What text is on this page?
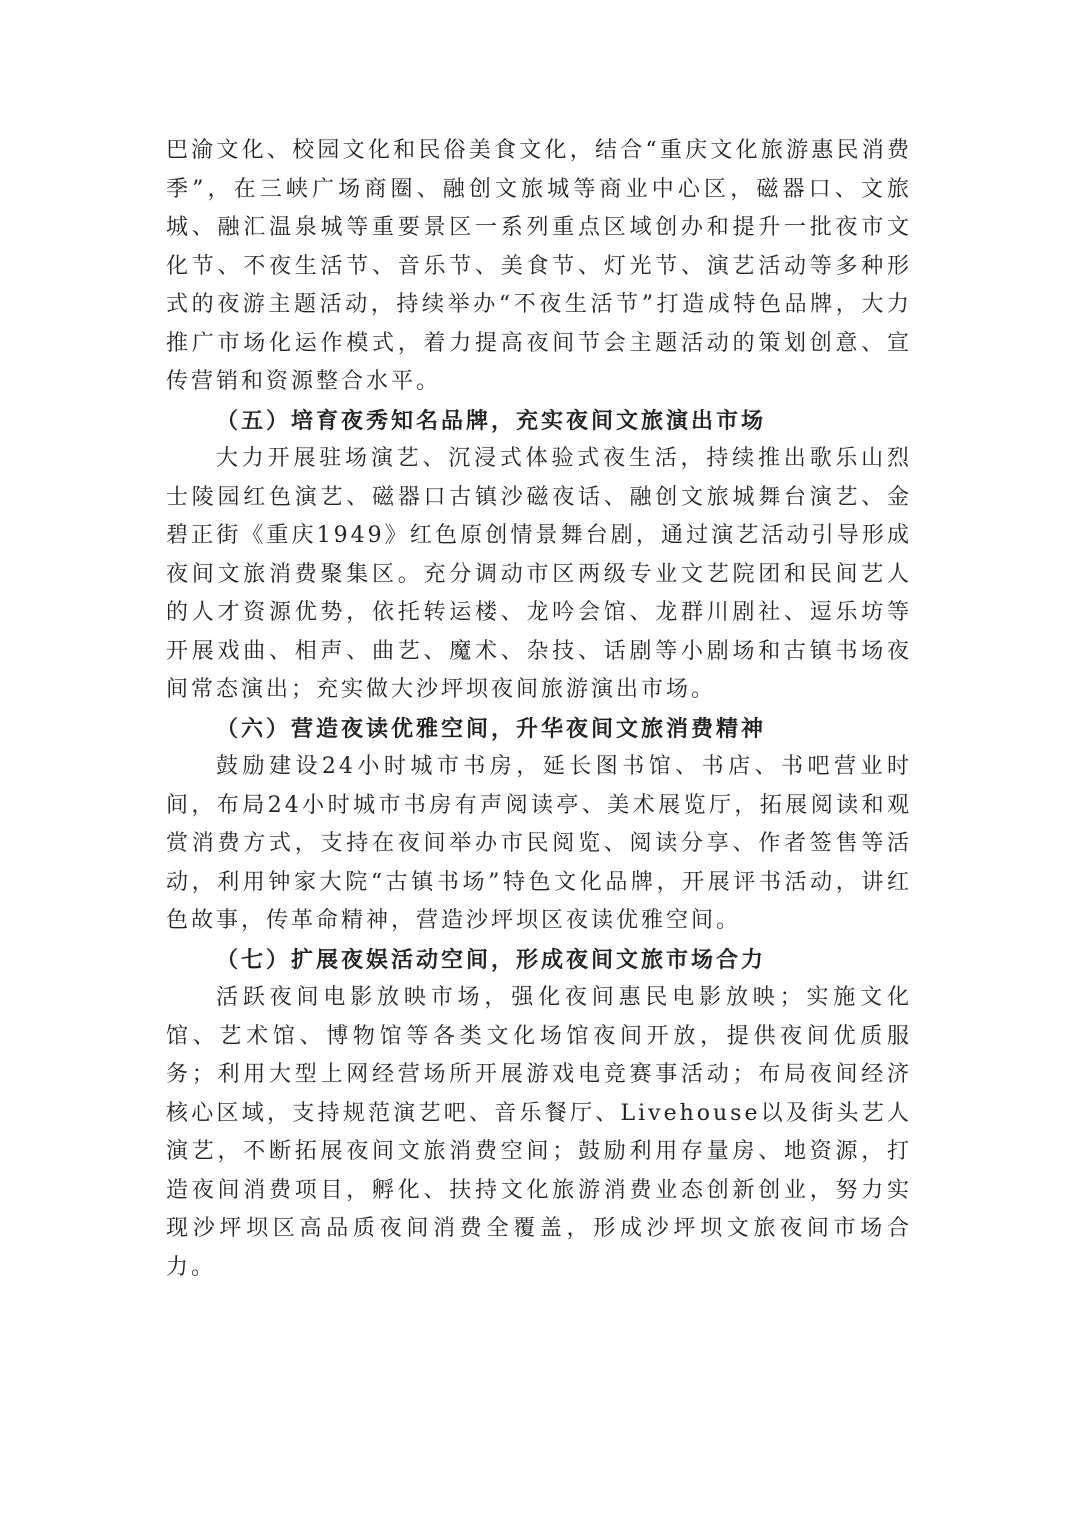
巴渝文化、校园文化和民俗美食文化，结合“重庆文化旅游惠民消费季”，在三峡广场商圈、融创文旅城等商业中心区，磁器口、文旅城、融汇温泉城等重要景区一系列重点区域创办和提升一批夜市文化节、不夜生活节、音乐节、美食节、灯光节、演艺活动等多种形式的夜游主题活动，持续举办“不夜生活节”打造成特色品牌，大力推广市场化运作模式，着力提高夜间节会主题活动的策划创意、宣传营销和资源整合水平。

（五）培育夜秀知名品牌，充实夜间文旅演出市场

大力开展驻场演艺、沉浸式体验式夜生活，持续推出歌乐山烈士陵园红色演艺、磁器口古镇沙磁夜话、融创文旅城舞台演艺、金碧正街《重庆1949》红色原创情景舞台剧，通过演艺活动引导形成夜间文旅消费聚集区。充分调动市区两级专业文艺院团和民间艺人的人才资源优势，依托转运楼、龙吟会馆、龙群川剧社、逗乐坊等开展戏曲、相声、曲艺、魔术、杂技、话剧等小剧场和古镇书场夜间常态演出；充实做大沙坪坝夜间旅游演出市场。

（六）营造夜读优雅空间，升华夜间文旅消费精神

鼓励建设24小时城市书房，延长图书馆、书店、书吧营业时间，布局24小时城市书房有声阅读亭、美术展览厅，拓展阅读和观赏消费方式，支持在夜间举办市民阅览、阅读分享、作者签售等活动，利用钟家大院“古镇书场”特色文化品牌，开展评书活动，讲红色故事，传革命精神，营造沙坪坝区夜读优雅空间。

（七）扩展夜娱活动空间，形成夜间文旅市场合力

活跃夜间电影放映市场，强化夜间惠民电影放映；实施文化馆、艺术馆、博物馆等各类文化场馆夜间开放，提供夜间优质服务；利用大型上网经营场所开展游戏电竞赛事活动；布局夜间经济核心区域，支持规范演艺吧、音乐餐厅、Livehouse以及街头艺人演艺，不断拓展夜间文旅消费空间；鼓励利用存量房、地资源，打造夜间消费项目，孵化、扶持文化旅游消费业态创新创业，努力实现沙坪坝区高品质夜间消费全覆盖，形成沙坪坝文旅夜间市场合力。
